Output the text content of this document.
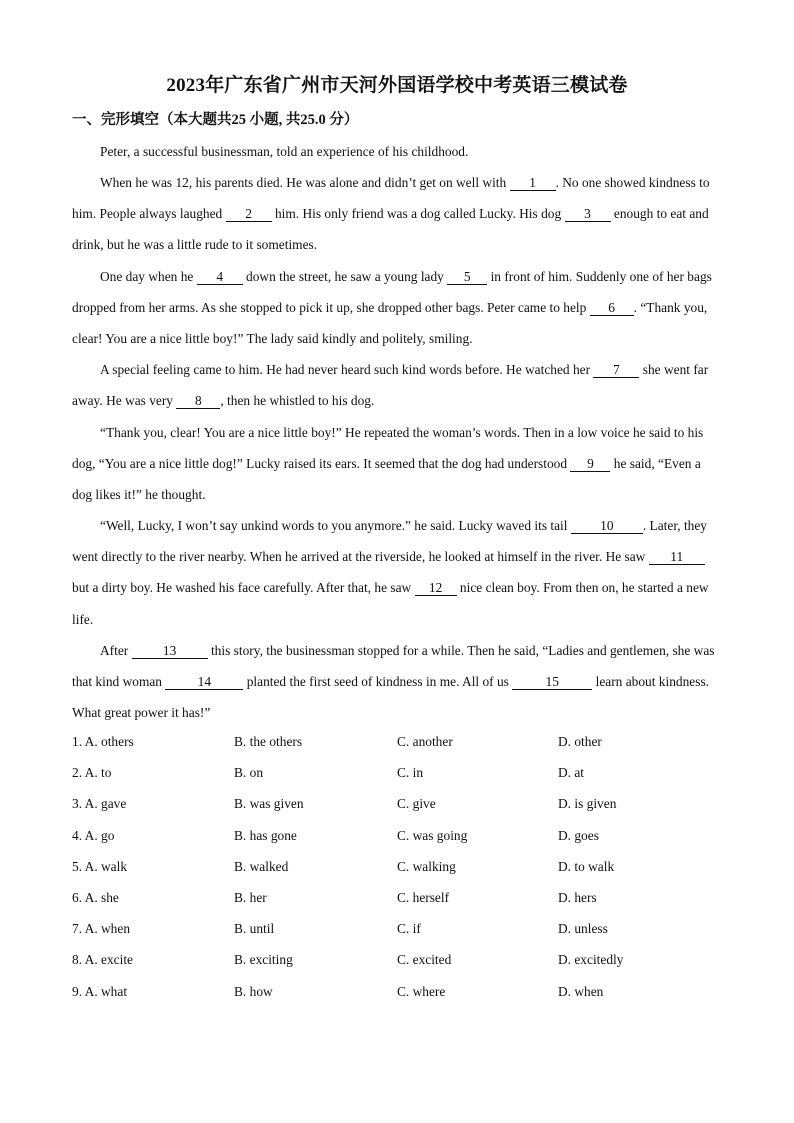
2023年广东省广州市天河外国语学校中考英语三模试卷
一、完形填空（本大题共25 小题, 共25.0 分）

Peter, a successful businessman, told an experience of his childhood.

When he was 12, his parents died. He was alone and didn’t get on well with 1 . No one showed kindness to him. People always laughed 2 him. His only friend was a dog called Lucky. His dog 3 enough to eat and drink, but he was a little rude to it sometimes.

One day when he 4 down the street, he saw a young lady 5 in front of him. Suddenly one of her bags dropped from her arms. As she stopped to pick it up, she dropped other bags. Peter came to help 6 . “Thank you, clear! You are a nice little boy!” The lady said kindly and politely, smiling.

A special feeling came to him. He had never heard such kind words before. He watched her 7 she went far away. He was very 8 , then he whistled to his dog.

“Thank you, clear! You are a nice little boy!” He repeated the woman’s words. Then in a low voice he said to his dog, “You are a nice little dog!” Lucky raised its ears. It seemed that the dog had understood 9 he said, “Even a dog likes it!” he thought.

“Well, Lucky, I won’t say unkind words to you anymore.” he said. Lucky waved its tail 10 . Later, they went directly to the river nearby. When he arrived at the riverside, he looked at himself in the river. He saw 11 but a dirty boy. He washed his face carefully. After that, he saw 12 nice clean boy. From then on, he started a new life.

After 13 this story, the businessman stopped for a while. Then he said, “Ladies and gentlemen, she was that kind woman 14 planted the first seed of kindness in me. All of us 15 learn about kindness. What great power it has!”

1. A. others	B. the others	C. another	D. other
2. A. to	B. on	C. in	D. at
3. A. gave	B. was given	C. give	D. is given
4. A. go	B. has gone	C. was going	D. goes
5. A. walk	B. walked	C. walking	D. to walk
6. A. she	B. her	C. herself	D. hers
7. A. when	B. until	C. if	D. unless
8. A. excite	B. exciting	C. excited	D. excitedly
9. A. what	B. how	C. where	D. when
